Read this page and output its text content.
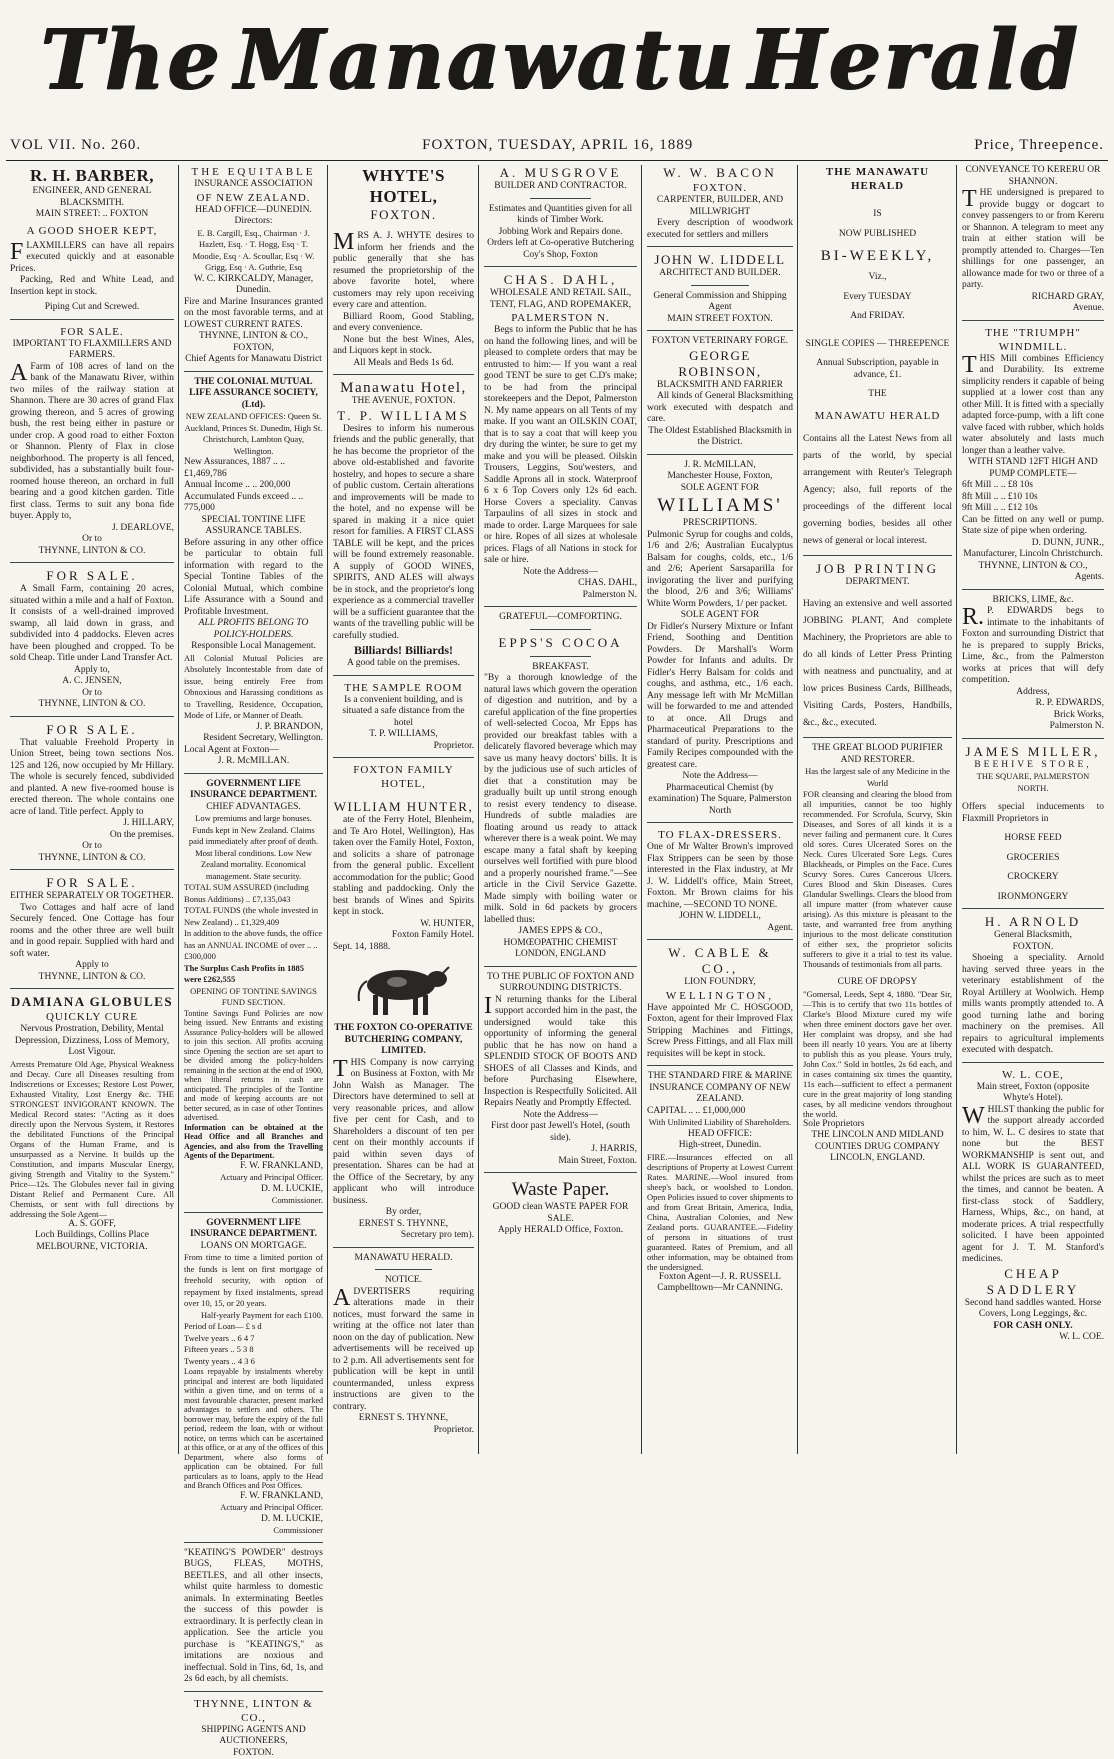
The Manawatu Herald
VOL VII. No. 260.	FOXTON, TUESDAY, APRIL 16, 1889	Price, Threepence.
R. H. BARBER,
ENGINEER, AND GENERAL BLACKSMITH.
MAIN STREET: .. FOXTON
A GOOD SHOER KEPT,
FLAXMILLERS can have all repairs executed quickly and at easonable Prices.
Packing, Red and White Lead, and Insertion kept in stock.
Piping Cut and Screwed.
FOR SALE.
IMPORTANT TO FLAXMILLERS AND FARMERS.
AFarm of 108 acres of land on the bank of the Manawatu River, within two miles of the railway station at Shannon. There are 30 acres of grand Flax growing thereon, and 5 acres of growing bush, the rest being either in pasture or under crop. A good road to either Foxton or Shannon. Plenty of Flax in close neighborhood. The property is all fenced, subdivided, has a substantially built four-roomed house thereon, an orchard in full bearing and a good kitchen garden. Title first class. Terms to suit any bona fide buyer. Apply to,
J. DEARLOVE,
Or to
THYNNE, LINTON & CO.
FOR SALE.
A Small Farm, containing 20 acres, situated within a mile and a half of Foxton. It consists of a well-drained improved swamp, all laid down in grass, and subdivided into 4 paddocks. Eleven acres have been ploughed and cropped. To be sold Cheap. Title under Land Transfer Act.
Apply to,
A. C. JENSEN,
Or to
THYNNE, LINTON & CO.
FOR SALE.
That valuable Freehold Property in Union Street, being town sections Nos. 125 and 126, now occupied by Mr Hillary. The whole is securely fenced, subdivided and planted. A new five-roomed house is erected thereon. The whole contains one acre of land. Title perfect. Apply to
J. HILLARY,
On the premises.
Or to
THYNNE, LINTON & CO.
FOR SALE.
EITHER SEPARATELY OR TOGETHER.
Two Cottages and half acre of land Securely fenced. One Cottage has four rooms and the other three are well built and in good repair. Supplied with hard and soft water.
Apply to
THYNNE, LINTON & CO.
DAMIANA GLOBULES
QUICKLY CURE
Nervous Prostration, Debility, Mental Depression, Dizziness, Loss of Memory, Lost Vigour.
Arrests Premature Old Age, Physical Weakness and Decay. Cure all Diseases resulting from Indiscretions or Excesses; Restore Lost Power, Exhausted Vitality, Lost Energy &c. THE STRONGEST INVIGORANT KNOWN. The Medical Record states: "Acting as it does directly upon the Nervous System, it Restores the debilitated Functions of the Principal Organs of the Human Frame, and is unsurpassed as a Nervine. It builds up the Constitution, and imparts Muscular Energy, giving Strength and Vitality to the System." Price—12s. The Globules never fail in giving Distant Relief and Permanent Cure. All Chemists, or sent with full directions by addressing the Sole Agent—
A. S. GOFF,
Loch Buildings, Collins Place MELBOURNE, VICTORIA.
THE EQUITABLE
INSURANCE ASSOCIATION
OF NEW ZEALAND.
HEAD OFFICE—DUNEDIN.
Directors:
E. B. Cargill, Esq., Chairman · J. Hazlett, Esq. · T. Hogg, Esq · T. Moodie, Esq · A. Scoullar, Esq · W. Grigg, Esq · A. Guthrie, Esq
W. C. KIRKCALDY, Manager, Dunedin.
Fire and Marine Insurances granted on the most favorable terms, and at LOWEST CURRENT RATES.
THYNNE, LINTON & CO.,
FOXTON,
Chief Agents for Manawatu District
THE COLONIAL MUTUAL LIFE ASSURANCE SOCIETY, (Ltd).
NEW ZEALAND OFFICES: Queen St. Auckland, Princes St. Dunedin, High St. Christchurch, Lambton Quay, Wellington.
New Assurances, 1887 .. .. £1,469,786
Annual Income .. .. 200,000
Accumulated Funds exceed .. .. 775,000
SPECIAL TONTINE LIFE ASSURANCE TABLES.
Before assuring in any other office be particular to obtain full information with regard to the Special Tontine Tables of the Colonial Mutual, which combine Life Assurance with a Sound and Profitable Investment.
ALL PROFITS BELONG TO POLICY-HOLDERS.
Responsible Local Management.
All Colonial Mutual Policies are Absolutely Incontestable from date of issue, being entirely Free from Obnoxious and Harassing conditions as to Travelling, Residence, Occupation, Mode of Life, or Manner of Death.
J. P. BRANDON,
Resident Secretary, Wellington.
Local Agent at Foxton—
J. R. McMILLAN.
GOVERNMENT LIFE INSURANCE DEPARTMENT.
CHIEF ADVANTAGES.
Low premiums and large bonuses. Funds kept in New Zealand. Claims paid immediately after proof of death. Most liberal conditions. Low New Zealand mortality. Economical management. State security.
TOTAL SUM ASSURED (including Bonus Additions) .. £7,135,043
TOTAL FUNDS (the whole invested in New Zealand) .. £1,329,409
In addition to the above funds, the office has an ANNUAL INCOME of over .. .. £300,000
The Surplus Cash Profits in 1885 were £262,555
OPENING OF TONTINE SAVINGS FUND SECTION.
Tontine Savings Fund Policies are now being issued. New Entrants and existing Assurance Policy-holders will be allowed to join this section. All profits accruing since Opening the section are set apart to be divided among the policy-holders remaining in the section at the end of 1900, when liberal returns in cash are anticipated. The principles of the Tontine and mode of keeping accounts are not better secured, as in case of other Tontines advertised.
Information can be obtained at the Head Office and all Branches and Agencies, and also from the Travelling Agents of the Department.
F. W. FRANKLAND,
Actuary and Principal Officer.
D. M. LUCKIE,
Commissioner.
GOVERNMENT LIFE INSURANCE DEPARTMENT.
LOANS ON MORTGAGE.
From time to time a limited portion of the funds is lent on first mortgage of freehold security, with option of repayment by fixed instalments, spread over 10, 15, or 20 years.
Half-yearly Payment for each £100.
Period of Loan— £ s d
Twelve years .. 6 4 7
Fifteen years .. 5 3 8
Twenty years .. 4 3 6
Loans repayable by instalments whereby principal and interest are both liquidated within a given time, and on terms of a most favourable character, present marked advantages to settlers and others. The borrower may, before the expiry of the full period, redeem the loan, with or without notice, on terms which can be ascertained at this office, or at any of the offices of this Department, where also forms of application can be obtained. For full particulars as to loans, apply to the Head and Branch Offices and Post Offices.
F. W. FRANKLAND,
Actuary and Principal Officer.
D. M. LUCKIE,
Commissioner
"KEATING'S POWDER" destroys BUGS, FLEAS, MOTHS, BEETLES, and all other insects, whilst quite harmless to domestic animals. In exterminating Beetles the success of this powder is extraordinary. It is perfectly clean in application. See the article you purchase is "KEATING'S," as imitations are noxious and ineffectual. Sold in Tins, 6d, 1s, and 2s 6d each, by all chemists.
THYNNE, LINTON & CO.,
SHIPPING AGENTS AND AUCTIONEERS,
FOXTON.
WHYTE'S HOTEL,
FOXTON.
MRS A. J. WHYTE desires to inform her friends and the public generally that she has resumed the proprietorship of the above favorite hotel, where customers may rely upon receiving every care and attention.
Billiard Room, Good Stabling, and every convenience.
None but the best Wines, Ales, and Liquors kept in stock.
All Meals and Beds 1s 6d.
Manawatu Hotel,
THE AVENUE, FOXTON.
T. P. WILLIAMS
Desires to inform his numerous friends and the public generally, that he has become the proprietor of the above old-established and favorite hostelry, and hopes to secure a share of public custom. Certain alterations and improvements will be made to the hotel, and no expense will be spared in making it a nice quiet resort for families. A FIRST CLASS TABLE will be kept, and the prices will be found extremely reasonable. A supply of GOOD WINES, SPIRITS, AND ALES will always be in stock, and the proprietor's long experience as a commercial traveller will be a sufficient guarantee that the wants of the travelling public will be carefully studied.
Billiards! Billiards!
A good table on the premises.
THE SAMPLE ROOM
Is a convenient building, and is situated a safe distance from the hotel
T. P. WILLIAMS,
Proprietor.
FOXTON FAMILY HOTEL,
WILLIAM HUNTER,
ate of the Ferry Hotel, Blenheim, and Te Aro Hotel, Wellington), Has taken over the Family Hotel, Foxton, and solicits a share of patronage from the general public. Excellent accommodation for the public; Good stabling and paddocking. Only the best brands of Wines and Spirits kept in stock.
W. HUNTER,
Foxton Family Hotel.
Sept. 14, 1888.
THE FOXTON CO-OPERATIVE BUTCHERING COMPANY, LIMITED.
THIS Company is now carrying on Business at Foxton, with Mr John Walsh as Manager. The Directors have determined to sell at very reasonable prices, and allow five per cent for Cash, and to Shareholders a discount of ten per cent on their monthly accounts if paid within seven days of presentation. Shares can be had at the Office of the Secretary, by any applicant who will introduce business.
By order,
ERNEST S. THYNNE,
Secretary pro tem).
MANAWATU HERALD.
NOTICE.
ADVERTISERS requiring alterations made in their notices, must forward the same in writing at the office not later than noon on the day of publication. New advertisements will be received up to 2 p.m. All advertisements sent for publication will be kept in until countermanded, unless express instructions are given to the contrary.
ERNEST S. THYNNE,
Proprietor.
A. MUSGROVE
BUILDER AND CONTRACTOR.
Estimates and Quantities given for all kinds of Timber Work.
Jobbing Work and Repairs done.
Orders left at Co-operative Butchering Coy's Shop, Foxton
CHAS. DAHL,
WHOLESALE AND RETAIL SAIL, TENT, FLAG, AND ROPEMAKER,
PALMERSTON N.
Begs to inform the Public that he has on hand the following lines, and will be pleased to complete orders that may be entrusted to him:— If you want a real good TENT be sure to get C.D's make; to be had from the principal storekeepers and the Depot, Palmerston N. My name appears on all Tents of my make. If you want an OILSKIN COAT, that is to say a coat that will keep you dry during the winter, be sure to get my make and you will be pleased. Oilskin Trousers, Leggins, Sou'westers, and Saddle Aprons all in stock. Waterproof 6 x 6 Top Covers only 12s 6d each. Horse Covers a speciality. Canvas Tarpaulins of all sizes in stock and made to order. Large Marquees for sale or hire. Ropes of all sizes at wholesale prices. Flags of all Nations in stock for sale or hire.
Note the Address—
CHAS. DAHL,
Palmerston N.
GRATEFUL—COMFORTING.
EPPS'S COCOA
BREAKFAST.
"By a thorough knowledge of the natural laws which govern the operation of digestion and nutrition, and by a careful application of the fine properties of well-selected Cocoa, Mr Epps has provided our breakfast tables with a delicately flavored beverage which may save us many heavy doctors' bills. It is by the judicious use of such articles of diet that a constitution may be gradually built up until strong enough to resist every tendency to disease. Hundreds of subtle maladies are floating around us ready to attack wherever there is a weak point. We may escape many a fatal shaft by keeping ourselves well fortified with pure blood and a properly nourished frame."—See article in the Civil Service Gazette. Made simply with boiling water or milk. Sold in 6d packets by grocers labelled thus:
JAMES EPPS & CO.,
HOMŒOPATHIC CHEMIST
LONDON, ENGLAND
TO THE PUBLIC OF FOXTON AND SURROUNDING DISTRICTS.
IN returning thanks for the Liberal support accorded him in the past, the undersigned would take this opportunity of informing the general public that he has now on hand a SPLENDID STOCK OF BOOTS AND SHOES of all Classes and Kinds, and before Purchasing Elsewhere, Inspection is Respectfully Solicited. All Repairs Neatly and Promptly Effected.
Note the Address—
First door past Jewell's Hotel, (south side).
J. HARRIS,
Main Street, Foxton.
Waste Paper.
GOOD clean WASTE PAPER FOR SALE.
Apply HERALD Office, Foxton.
W. W. BACON
FOXTON.
CARPENTER, BUILDER, AND MILLWRIGHT
Every description of woodwork executed for settlers and millers
JOHN W. LIDDELL
ARCHITECT AND BUILDER.
General Commission and Shipping Agent
MAIN STREET FOXTON.
FOXTON VETERINARY FORGE.
GEORGE ROBINSON,
BLACKSMITH AND FARRIER
All kinds of General Blacksmithing work executed with despatch and care.
The Oldest Established Blacksmith in the District.
J. R. McMILLAN,
Manchester House, Foxton,
SOLE AGENT FOR
WILLIAMS'
PRESCRIPTIONS.
Pulmonic Syrup for coughs and colds, 1/6 and 2/6; Australian Eucalyptus Balsam for coughs, colds, etc., 1/6 and 2/6; Aperient Sarsaparilla for invigorating the liver and purifying the blood, 2/6 and 3/6; Williams' White Worm Powders, 1/ per packet.
SOLE AGENT FOR
Dr Fidler's Nursery Mixture or Infant Friend, Soothing and Dentition Powders. Dr Marshall's Worm Powder for Infants and adults. Dr Fidler's Herry Balsam for colds and coughs, and asthma, etc., 1/6 each. Any message left with Mr McMillan will be forwarded to me and attended to at once. All Drugs and Pharmaceutical Preparations to the standard of purity. Prescriptions and Family Recipes compounded with the greatest care.
Note the Address—
Pharmaceutical Chemist (by examination) The Square, Palmerston North
TO FLAX-DRESSERS.
One of Mr Walter Brown's improved Flax Strippers can be seen by those interested in the Flax industry, at Mr J. W. Liddell's office, Main Street, Foxton. Mr Brown claims for his machine, —SECOND TO NONE.
JOHN W. LIDDELL,
Agent.
W. CABLE & CO.,
LION FOUNDRY,
WELLINGTON,
Have appointed Mr C. HOSGOOD, Foxton, agent for their Improved Flax Stripping Machines and Fittings, Screw Press Fittings, and all Flax mill requisites will be kept in stock.
THE STANDARD FIRE & MARINE INSURANCE COMPANY OF NEW ZEALAND.
CAPITAL .. .. £1,000,000
With Unlimited Liability of Shareholders.
HEAD OFFICE:
High-street, Dunedin.
FIRE.—Insurances effected on all descriptions of Property at Lowest Current Rates. MARINE.—Wool insured from sheep's back, or woolshed to London. Open Policies issued to cover shipments to and from Great Britain, America, India, China, Australian Colonies, and New Zealand ports. GUARANTEE.—Fidelity of persons in situations of trust guaranteed. Rates of Premium, and all other information, may be obtained from the undersigned.
Foxton Agent—J. R. RUSSELL
Campbelltown—Mr CANNING.
THE MANAWATU HERALD
IS
NOW PUBLISHED
BI-WEEKLY,
Viz.,
Every TUESDAY
And FRIDAY.
SINGLE COPIES — THREEPENCE
Annual Subscription, payable in advance, £1.
THE
MANAWATU HERALD
Contains all the Latest News from all parts of the world, by special arrangement with Reuter's Telegraph Agency; also, full reports of the proceedings of the different local governing bodies, besides all other news of general or local interest.
JOB PRINTING
DEPARTMENT.
Having an extensive and well assorted JOBBING PLANT, And complete Machinery, the Proprietors are able to do all kinds of Letter Press Printing with neatness and punctuality, and at low prices Business Cards, Billheads, Visiting Cards, Posters, Handbills, &c., &c., executed.
THE GREAT BLOOD PURIFIER AND RESTORER.
Has the largest sale of any Medicine in the World
FOR cleansing and clearing the blood from all impurities, cannot be too highly recommended. For Scrofula, Scurvy, Skin Diseases, and Sores of all kinds it is a never failing and permanent cure. It Cures old sores. Cures Ulcerated Sores on the Neck. Cures Ulcerated Sore Legs. Cures Blackheads, or Pimples on the Face. Cures Scurvy Sores. Cures Cancerous Ulcers. Cures Blood and Skin Diseases. Cures Glandular Swellings. Clears the blood from all impure matter (from whatever cause arising). As this mixture is pleasant to the taste, and warranted free from anything injurious to the most delicate constitution of either sex, the proprietor solicits sufferers to give it a trial to test its value. Thousands of testimonials from all parts.
CURE OF DROPSY
"Gomersal, Leeds, Sept 4, 1880. "Dear Sir,—This is to certify that two 11s bottles of Clarke's Blood Mixture cured my wife when three eminent doctors gave her over. Her complaint was dropsy, and she had been ill nearly 10 years. You are at liberty to publish this as you please. Yours truly, John Cox." Sold in bottles, 2s 6d each, and in cases containing six times the quantity, 11s each—sufficient to effect a permanent cure in the great majority of long standing cases, by all medicine vendors throughout the world.
Sole Proprietors
THE LINCOLN AND MIDLAND COUNTIES DRUG COMPANY
LINCOLN, ENGLAND.
CONVEYANCE TO KERERU OR SHANNON.
THE undersigned is prepared to provide buggy or dogcart to convey passengers to or from Kereru or Shannon. A telegram to meet any train at either station will be promptly attended to. Charges—Ten shillings for one passenger, an allowance made for two or three of a party.
RICHARD GRAY,
Avenue.
THE "TRIUMPH" WINDMILL.
THIS Mill combines Efficiency and Durability. Its extreme simplicity renders it capable of being supplied at a lower cost than any other Mill. It is fitted with a specially adapted force-pump, with a lift cone valve faced with rubber, which holds water absolutely and lasts much longer than a leather valve.
WITH STAND 12FT HIGH AND PUMP COMPLETE—
6ft Mill .. .. £8 10s
8ft Mill .. .. £10 10s
9ft Mill .. .. £12 10s
Can be fitted on any well or pump. State size of pipe when ordering.
D. DUNN, JUNR.,
Manufacturer, Lincoln Christchurch.
THYNNE, LINTON & CO.,
Agents.
BRICKS, LIME, &c.
R.P. EDWARDS begs to intimate to the inhabitants of Foxton and surrounding District that he is prepared to supply Bricks, Lime, &c., from the Palmerston works at prices that will defy competition.
Address,
R. P. EDWARDS,
Brick Works,
Palmerston N.
JAMES MILLER,
BEEHIVE STORE,
THE SQUARE, PALMERSTON NORTH.
Offers special inducements to Flaxmill Proprietors in
HORSE FEED
GROCERIES
CROCKERY
IRONMONGERY
H. ARNOLD
General Blacksmith,
FOXTON.
Shoeing a speciality. Arnold having served three years in the veterinary establishment of the Royal Artillery at Woolwich. Hemp mills wants promptly attended to. A good turning lathe and boring machinery on the premises. All repairs to agricultural implements executed with despatch.
W. L. COE,
Main street, Foxton (opposite Whyte's Hotel).
WHILST thanking the public for the support already accorded to him, W. L. C desires to state that none but the BEST WORKMANSHIP is sent out, and ALL WORK IS GUARANTEED, whilst the prices are such as to meet the times, and cannot be beaten. A first-class stock of Saddlery, Harness, Whips, &c., on hand, at moderate prices. A trial respectfully solicited. I have been appointed agent for J. T. M. Stanford's medicines.
CHEAP SADDLERY
Second hand saddles wanted. Horse Covers, Long Leggings, &c.
FOR CASH ONLY.
W. L. COE.
